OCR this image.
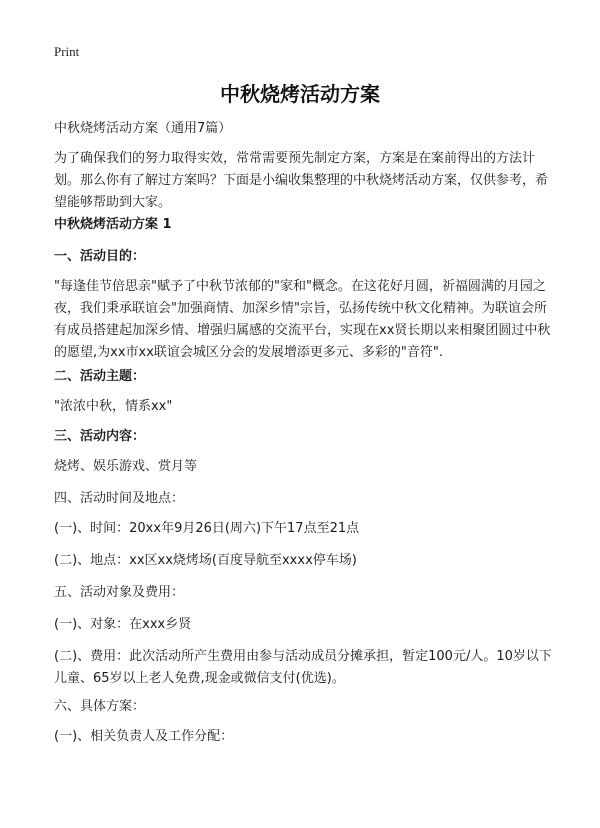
Print
中秋烧烤活动方案

中秋烧烤活动方案（通用7篇）

为了确保我们的努力取得实效，常常需要预先制定方案，方案是在案前得出的方法计划。那么你有了解过方案吗？下面是小编收集整理的中秋烧烤活动方案，仅供参考，希望能够帮助到大家。

中秋烧烤活动方案 1

一、活动目的：

"每逢佳节倍思亲"赋予了中秋节浓郁的"家和"概念。在这花好月圆，祈福圆满的月园之夜，我们秉承联谊会"加强商情、加深乡情"宗旨，弘扬传统中秋文化精神。为联谊会所有成员搭建起加深乡情、增强归属感的交流平台，实现在xx贤长期以来相聚团圆过中秋的愿望,为xx市xx联谊会城区分会的发展增添更多元、多彩的"音符".

二、活动主题：

"浓浓中秋，情系xx"

三、活动内容：

烧烤、娱乐游戏、赏月等

四、活动时间及地点：

(一)、时间：20xx年9月26日(周六)下午17点至21点

(二)、地点：xx区xx烧烤场(百度导航至xxxx停车场)

五、活动对象及费用：

(一)、对象：在xxx乡贤

(二)、费用：此次活动所产生费用由参与活动成员分摊承担，暂定100元/人。10岁以下儿童、65岁以上老人免费,现金或微信支付(优选)。

六、具体方案：

(一)、相关负责人及工作分配：
